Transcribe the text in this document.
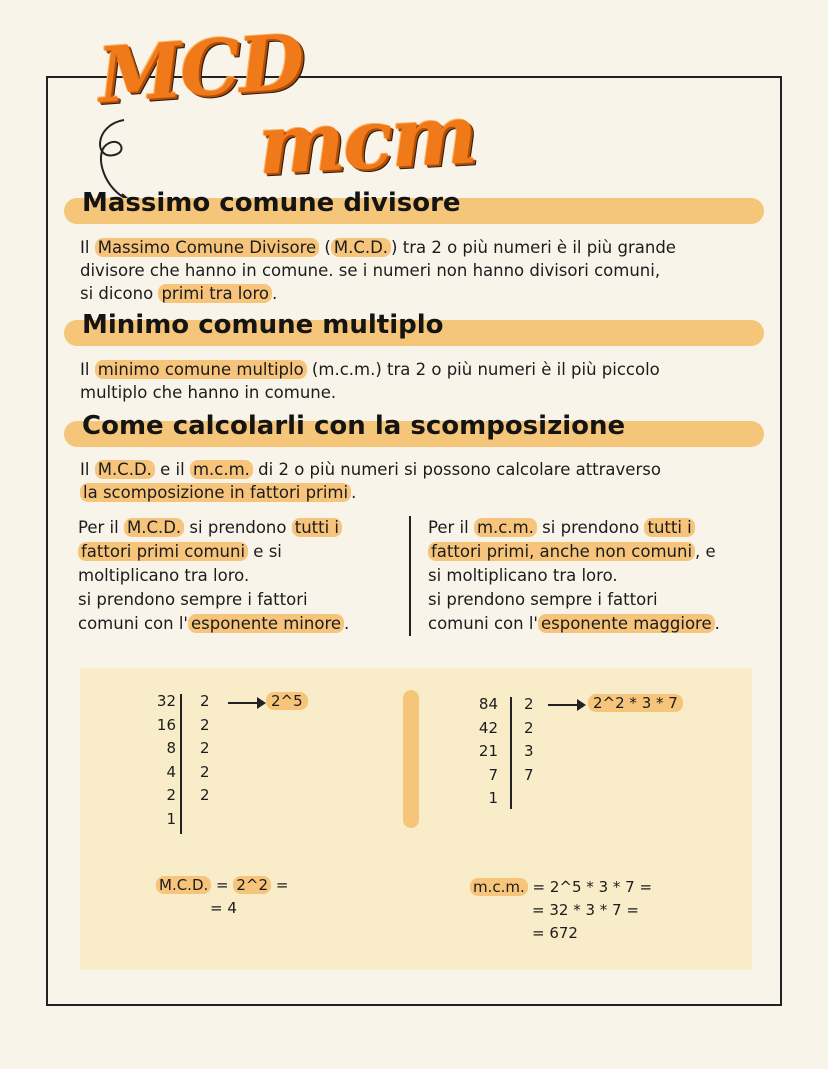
MCD
mcm
Massimo comune divisore
Il Massimo Comune Divisore ( M.C.D. ) tra 2 o più numeri è il più grande
divisore che hanno in comune. se i numeri non hanno divisori comuni,
si dicono primi tra loro .
Minimo comune multiplo
Il minimo comune multiplo (m.c.m.) tra 2 o più numeri è il più piccolo
multiplo che hanno in comune.
Come calcolarli con la scomposizione
Il M.C.D. e il m.c.m. di 2 o più numeri si possono calcolare attraverso
la scomposizione in fattori primi .
Per il M.C.D. si prendono tutti i
fattori primi comuni e si
moltiplicano tra loro.
si prendono sempre i fattori
comuni con l' esponente minore .
Per il m.c.m. si prendono tutti i
fattori primi, anche non comuni , e
si moltiplicano tra loro.
si prendono sempre i fattori
comuni con l' esponente maggiore .
32
16
8
4
2
1
2
2
2
2
2
2^5	84
42
21
7
1
2
2
3
7
2^2 * 3 * 7
M.C.D. = 2^2 =
= 4
m.c.m. = 2^5 * 3 * 7 =
= 32 * 3 * 7 =
= 672
